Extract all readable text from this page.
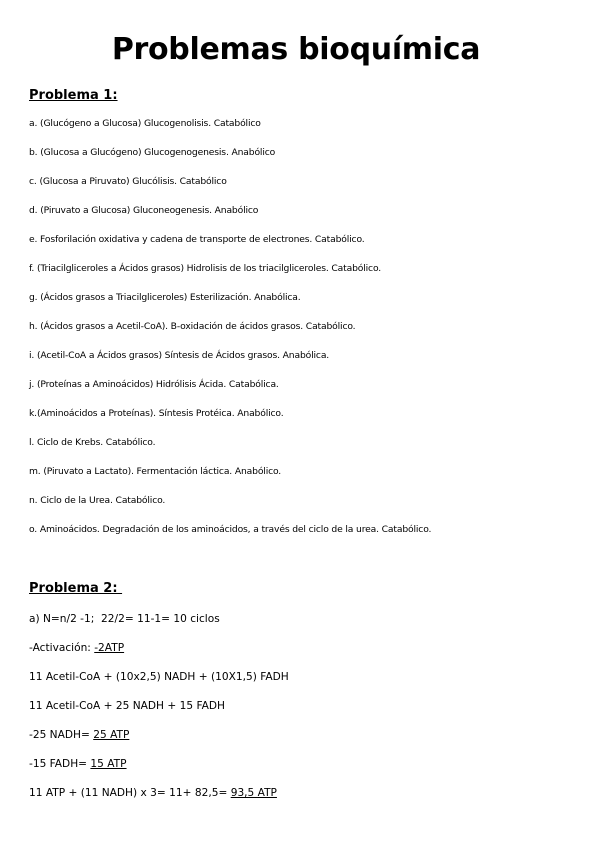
Problemas bioquímica
Problema 1:
a. (Glucógeno a Glucosa) Glucogenolisis. Catabólico
b. (Glucosa a Glucógeno) Glucogenogenesis. Anabólico
c. (Glucosa a Piruvato) Glucólisis. Catabólico
d. (Piruvato a Glucosa) Gluconeogenesis. Anabólico
e. Fosforilación oxidativa y cadena de transporte de electrones. Catabólico.
f. (Triacilgliceroles a Ácidos grasos) Hidrolisis de los triacilgliceroles. Catabólico.
g. (Ácidos grasos a Triacilgliceroles) Esterilización. Anabólica.
h. (Ácidos grasos a Acetil-CoA). B-oxidación de ácidos grasos. Catabólico.
i. (Acetil-CoA a Ácidos grasos) Síntesis de Ácidos grasos. Anabólica.
j. (Proteínas a Aminoácidos) Hidrólisis Ácida. Catabólica.
k.(Aminoácidos a Proteínas). Síntesis Protéica. Anabólico.
l. Ciclo de Krebs. Catabólico.
m. (Piruvato a Lactato). Fermentación láctica. Anabólico.
n. Ciclo de la Urea. Catabólico.
o. Aminoácidos. Degradación de los aminoácidos, a través del ciclo de la urea. Catabólico.
Problema 2:
a) N=n/2 -1;  22/2= 11-1= 10 ciclos
-Activación: -2ATP
11 Acetil-CoA + (10x2,5) NADH + (10X1,5) FADH
11 Acetil-CoA + 25 NADH + 15 FADH
-25 NADH= 25 ATP
-15 FADH= 15 ATP
11 ATP + (11 NADH) x 3= 11+ 82,5= 93,5 ATP
